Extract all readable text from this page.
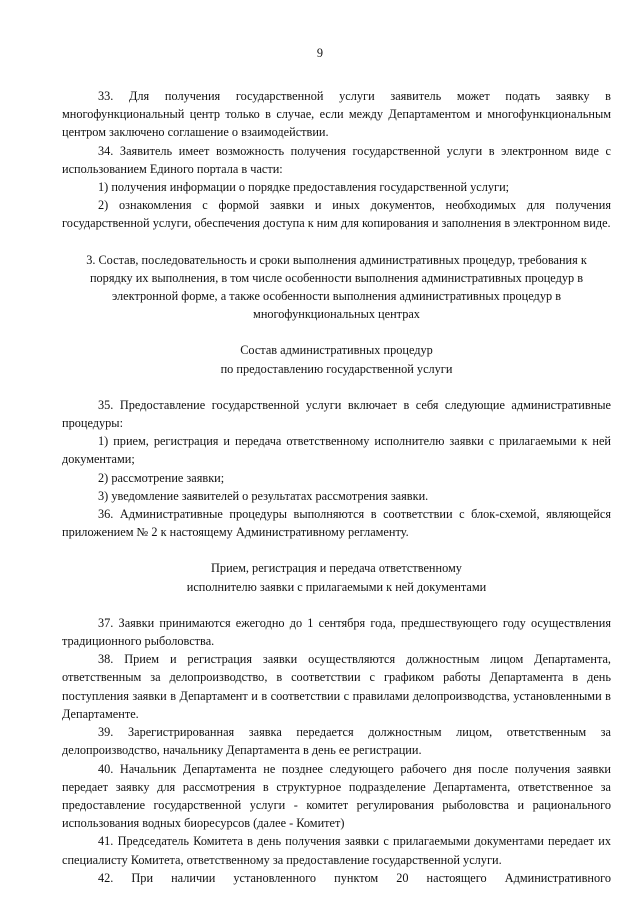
9

33. Для получения государственной услуги заявитель может подать заявку в многофункциональный центр только в случае, если между Департаментом и многофункциональным центром заключено соглашение о взаимодействии.

34. Заявитель имеет возможность получения государственной услуги в электронном виде с использованием Единого портала в части:

1) получения информации о порядке предоставления государственной услуги;

2) ознакомления с формой заявки и иных документов, необходимых для получения государственной услуги, обеспечения доступа к ним для копирования и заполнения в электронном виде.

3. Состав, последовательность и сроки выполнения административных процедур, требования к порядку их выполнения, в том числе особенности выполнения административных процедур в электронной форме, а также особенности выполнения административных процедур в многофункциональных центрах

Состав административных процедур

по предоставлению государственной услуги

35. Предоставление государственной услуги включает в себя следующие административные процедуры:

1) прием, регистрация и передача ответственному исполнителю заявки с прилагаемыми к ней документами;

2) рассмотрение заявки;

3) уведомление заявителей о результатах рассмотрения заявки.

36. Административные процедуры выполняются в соответствии с блок-схемой, являющейся приложением № 2 к настоящему Административному регламенту.

Прием, регистрация и передача ответственному

исполнителю заявки с прилагаемыми к ней документами

37. Заявки принимаются ежегодно до 1 сентября года, предшествующего году осуществления традиционного рыболовства.

38. Прием и регистрация заявки осуществляются должностным лицом Департамента, ответственным за делопроизводство, в соответствии с графиком работы Департамента в день поступления заявки в Департамент и в соответствии с правилами делопроизводства, установленными в Департаменте.

39. Зарегистрированная заявка передается должностным лицом, ответственным за делопроизводство, начальнику Департамента в день ее регистрации.

40. Начальник Департамента не позднее следующего рабочего дня после получения заявки передает заявку для рассмотрения в структурное подразделение Департамента, ответственное за предоставление государственной услуги - комитет регулирования рыболовства и рационального использования водных биоресурсов (далее - Комитет)

41. Председатель Комитета в день получения заявки с прилагаемыми документами передает их специалисту Комитета, ответственному за предоставление государственной услуги.

42. При наличии установленного пунктом 20 настоящего Административного
